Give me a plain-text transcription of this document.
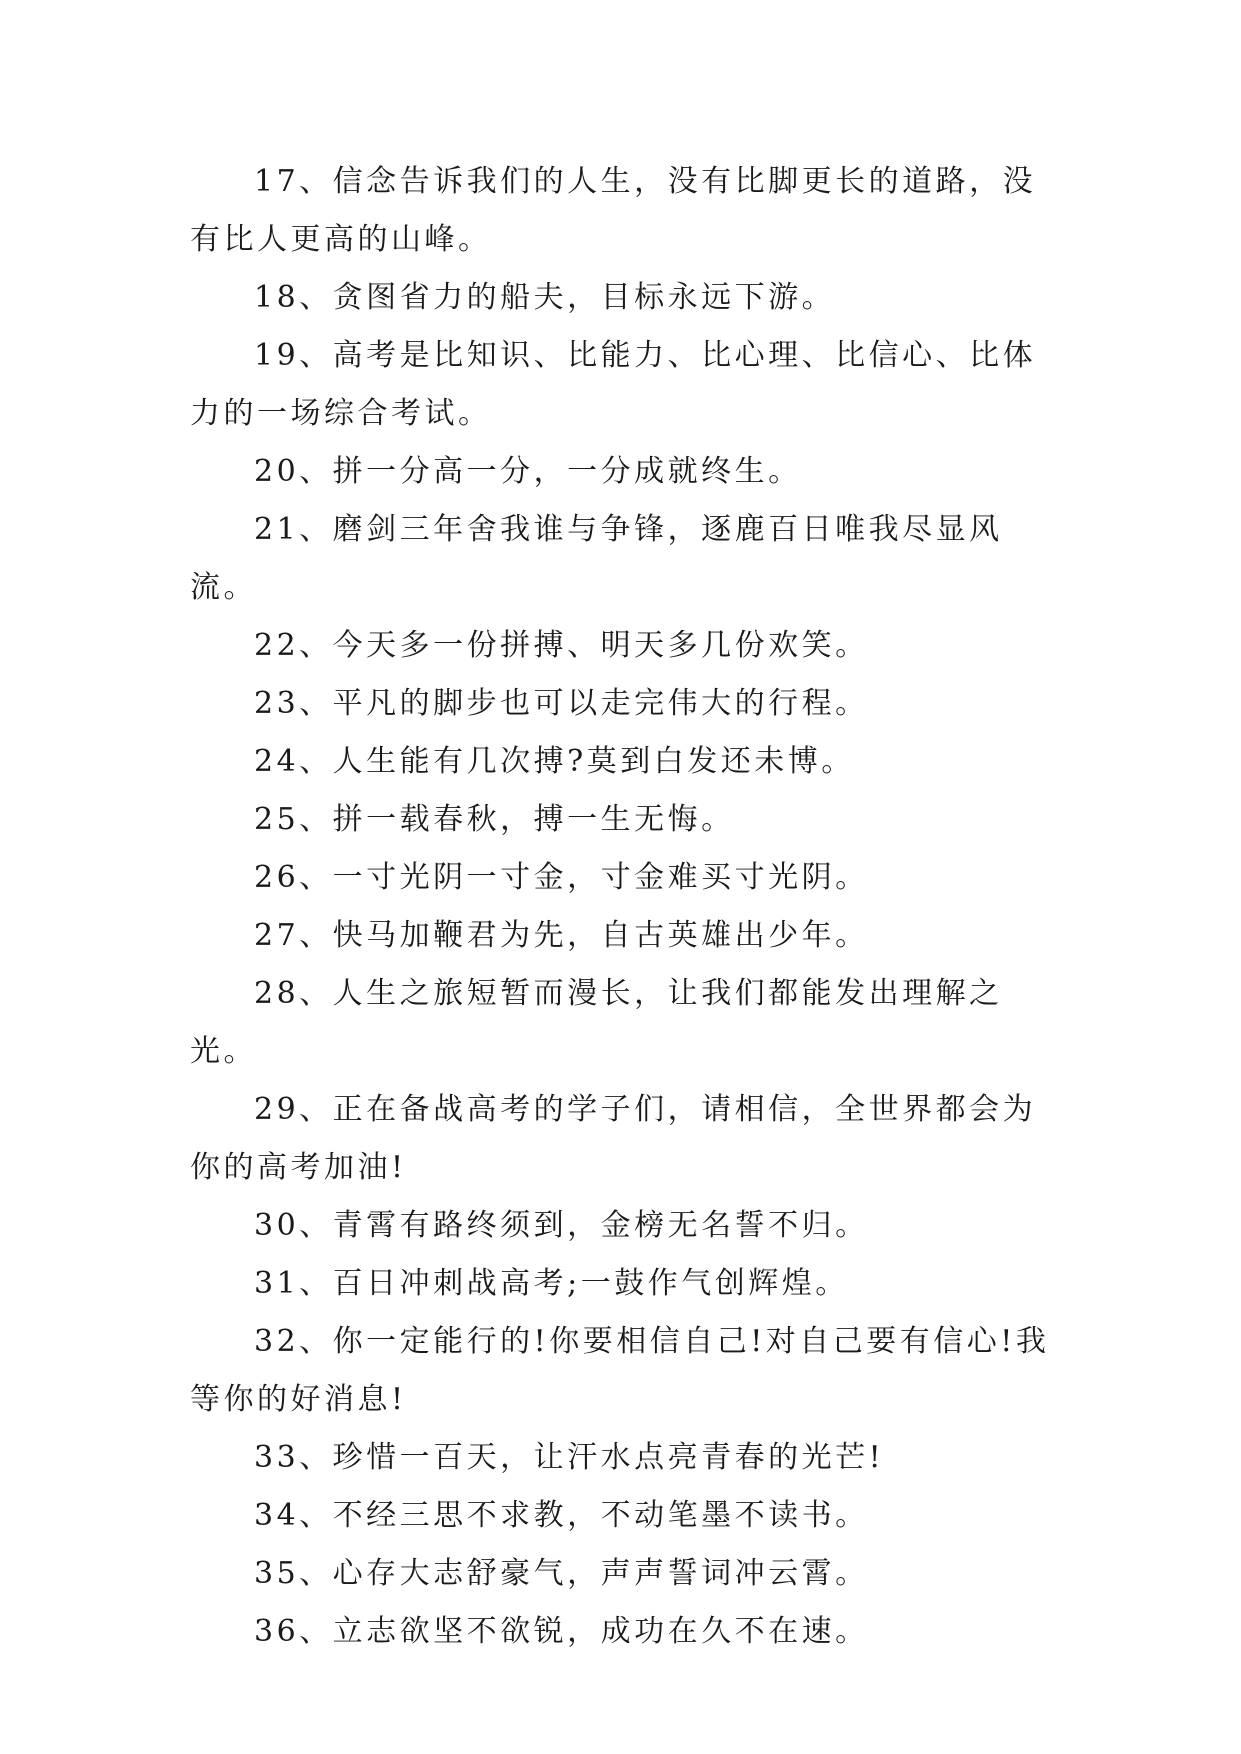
17、信念告诉我们的人生，没有比脚更长的道路，没有比人更高的山峰。

18、贪图省力的船夫，目标永远下游。

19、高考是比知识、比能力、比心理、比信心、比体力的一场综合考试。

20、拼一分高一分，一分成就终生。

21、磨剑三年舍我谁与争锋，逐鹿百日唯我尽显风流。

22、今天多一份拼搏、明天多几份欢笑。

23、平凡的脚步也可以走完伟大的行程。

24、人生能有几次搏?莫到白发还未博。

25、拼一载春秋，搏一生无悔。

26、一寸光阴一寸金，寸金难买寸光阴。

27、快马加鞭君为先，自古英雄出少年。

28、人生之旅短暂而漫长，让我们都能发出理解之光。

29、正在备战高考的学子们，请相信，全世界都会为你的高考加油!

30、青霄有路终须到，金榜无名誓不归。

31、百日冲刺战高考;一鼓作气创辉煌。

32、你一定能行的!你要相信自己!对自己要有信心!我等你的好消息!

33、珍惜一百天，让汗水点亮青春的光芒!

34、不经三思不求教，不动笔墨不读书。

35、心存大志舒豪气，声声誓词冲云霄。

36、立志欲坚不欲锐，成功在久不在速。
